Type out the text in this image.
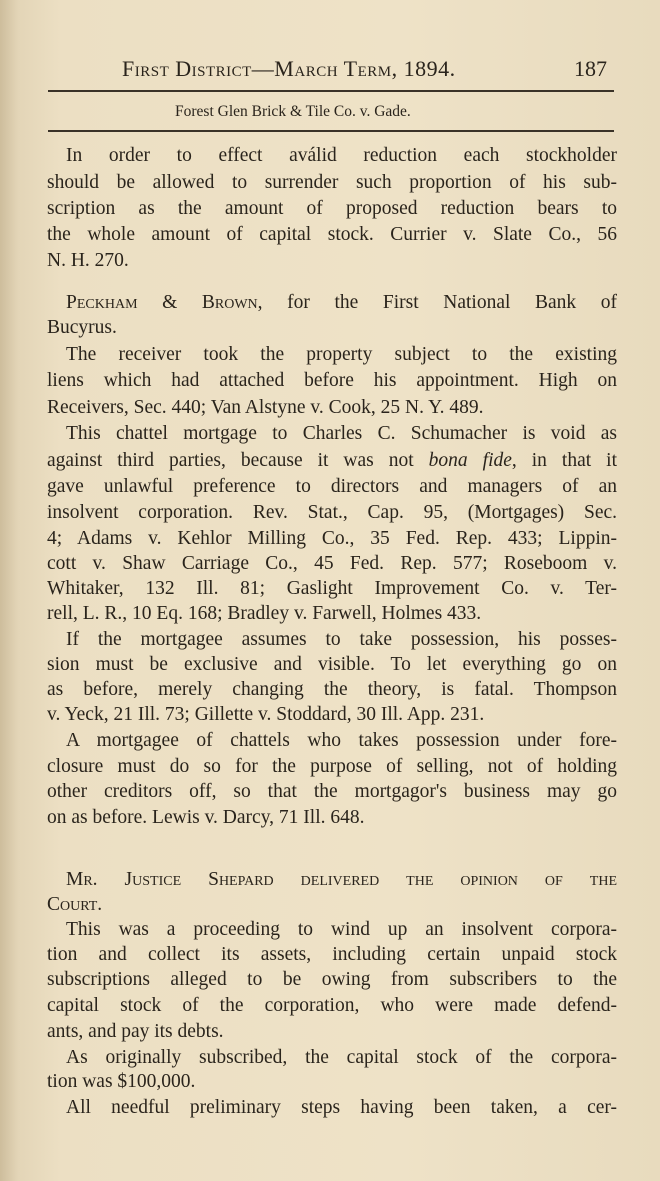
First District—March Term, 1894.	187
Forest Glen Brick & Tile Co. v. Gade.
In order to effect aválid reduction each stockholder
should be allowed to surrender such proportion of his sub-
scription as the amount of proposed reduction bears to
the whole amount of capital stock. Currier v. Slate Co., 56
N. H. 270.
Peckham & Brown, for the First National Bank of
Bucyrus.
The receiver took the property subject to the existing
liens which had attached before his appointment. High on
Receivers, Sec. 440; Van Alstyne v. Cook, 25 N. Y. 489.
This chattel mortgage to Charles C. Schumacher is void as
against third parties, because it was not bona fide, in that it
gave unlawful preference to directors and managers of an
insolvent corporation. Rev. Stat., Cap. 95, (Mortgages) Sec.
4; Adams v. Kehlor Milling Co., 35 Fed. Rep. 433; Lippin-
cott v. Shaw Carriage Co., 45 Fed. Rep. 577; Roseboom v.
Whitaker, 132 Ill. 81; Gaslight Improvement Co. v. Ter-
rell, L. R., 10 Eq. 168; Bradley v. Farwell, Holmes 433.
If the mortgagee assumes to take possession, his posses-
sion must be exclusive and visible. To let everything go on
as before, merely changing the theory, is fatal. Thompson
v. Yeck, 21 Ill. 73; Gillette v. Stoddard, 30 Ill. App. 231.
A mortgagee of chattels who takes possession under fore-
closure must do so for the purpose of selling, not of holding
other creditors off, so that the mortgagor's business may go
on as before. Lewis v. Darcy, 71 Ill. 648.
Mr. Justice Shepard delivered the opinion of the
Court.
This was a proceeding to wind up an insolvent corpora-
tion and collect its assets, including certain unpaid stock
subscriptions alleged to be owing from subscribers to the
capital stock of the corporation, who were made defend-
ants, and pay its debts.
As originally subscribed, the capital stock of the corpora-
tion was $100,000.
All needful preliminary steps having been taken, a cer-
